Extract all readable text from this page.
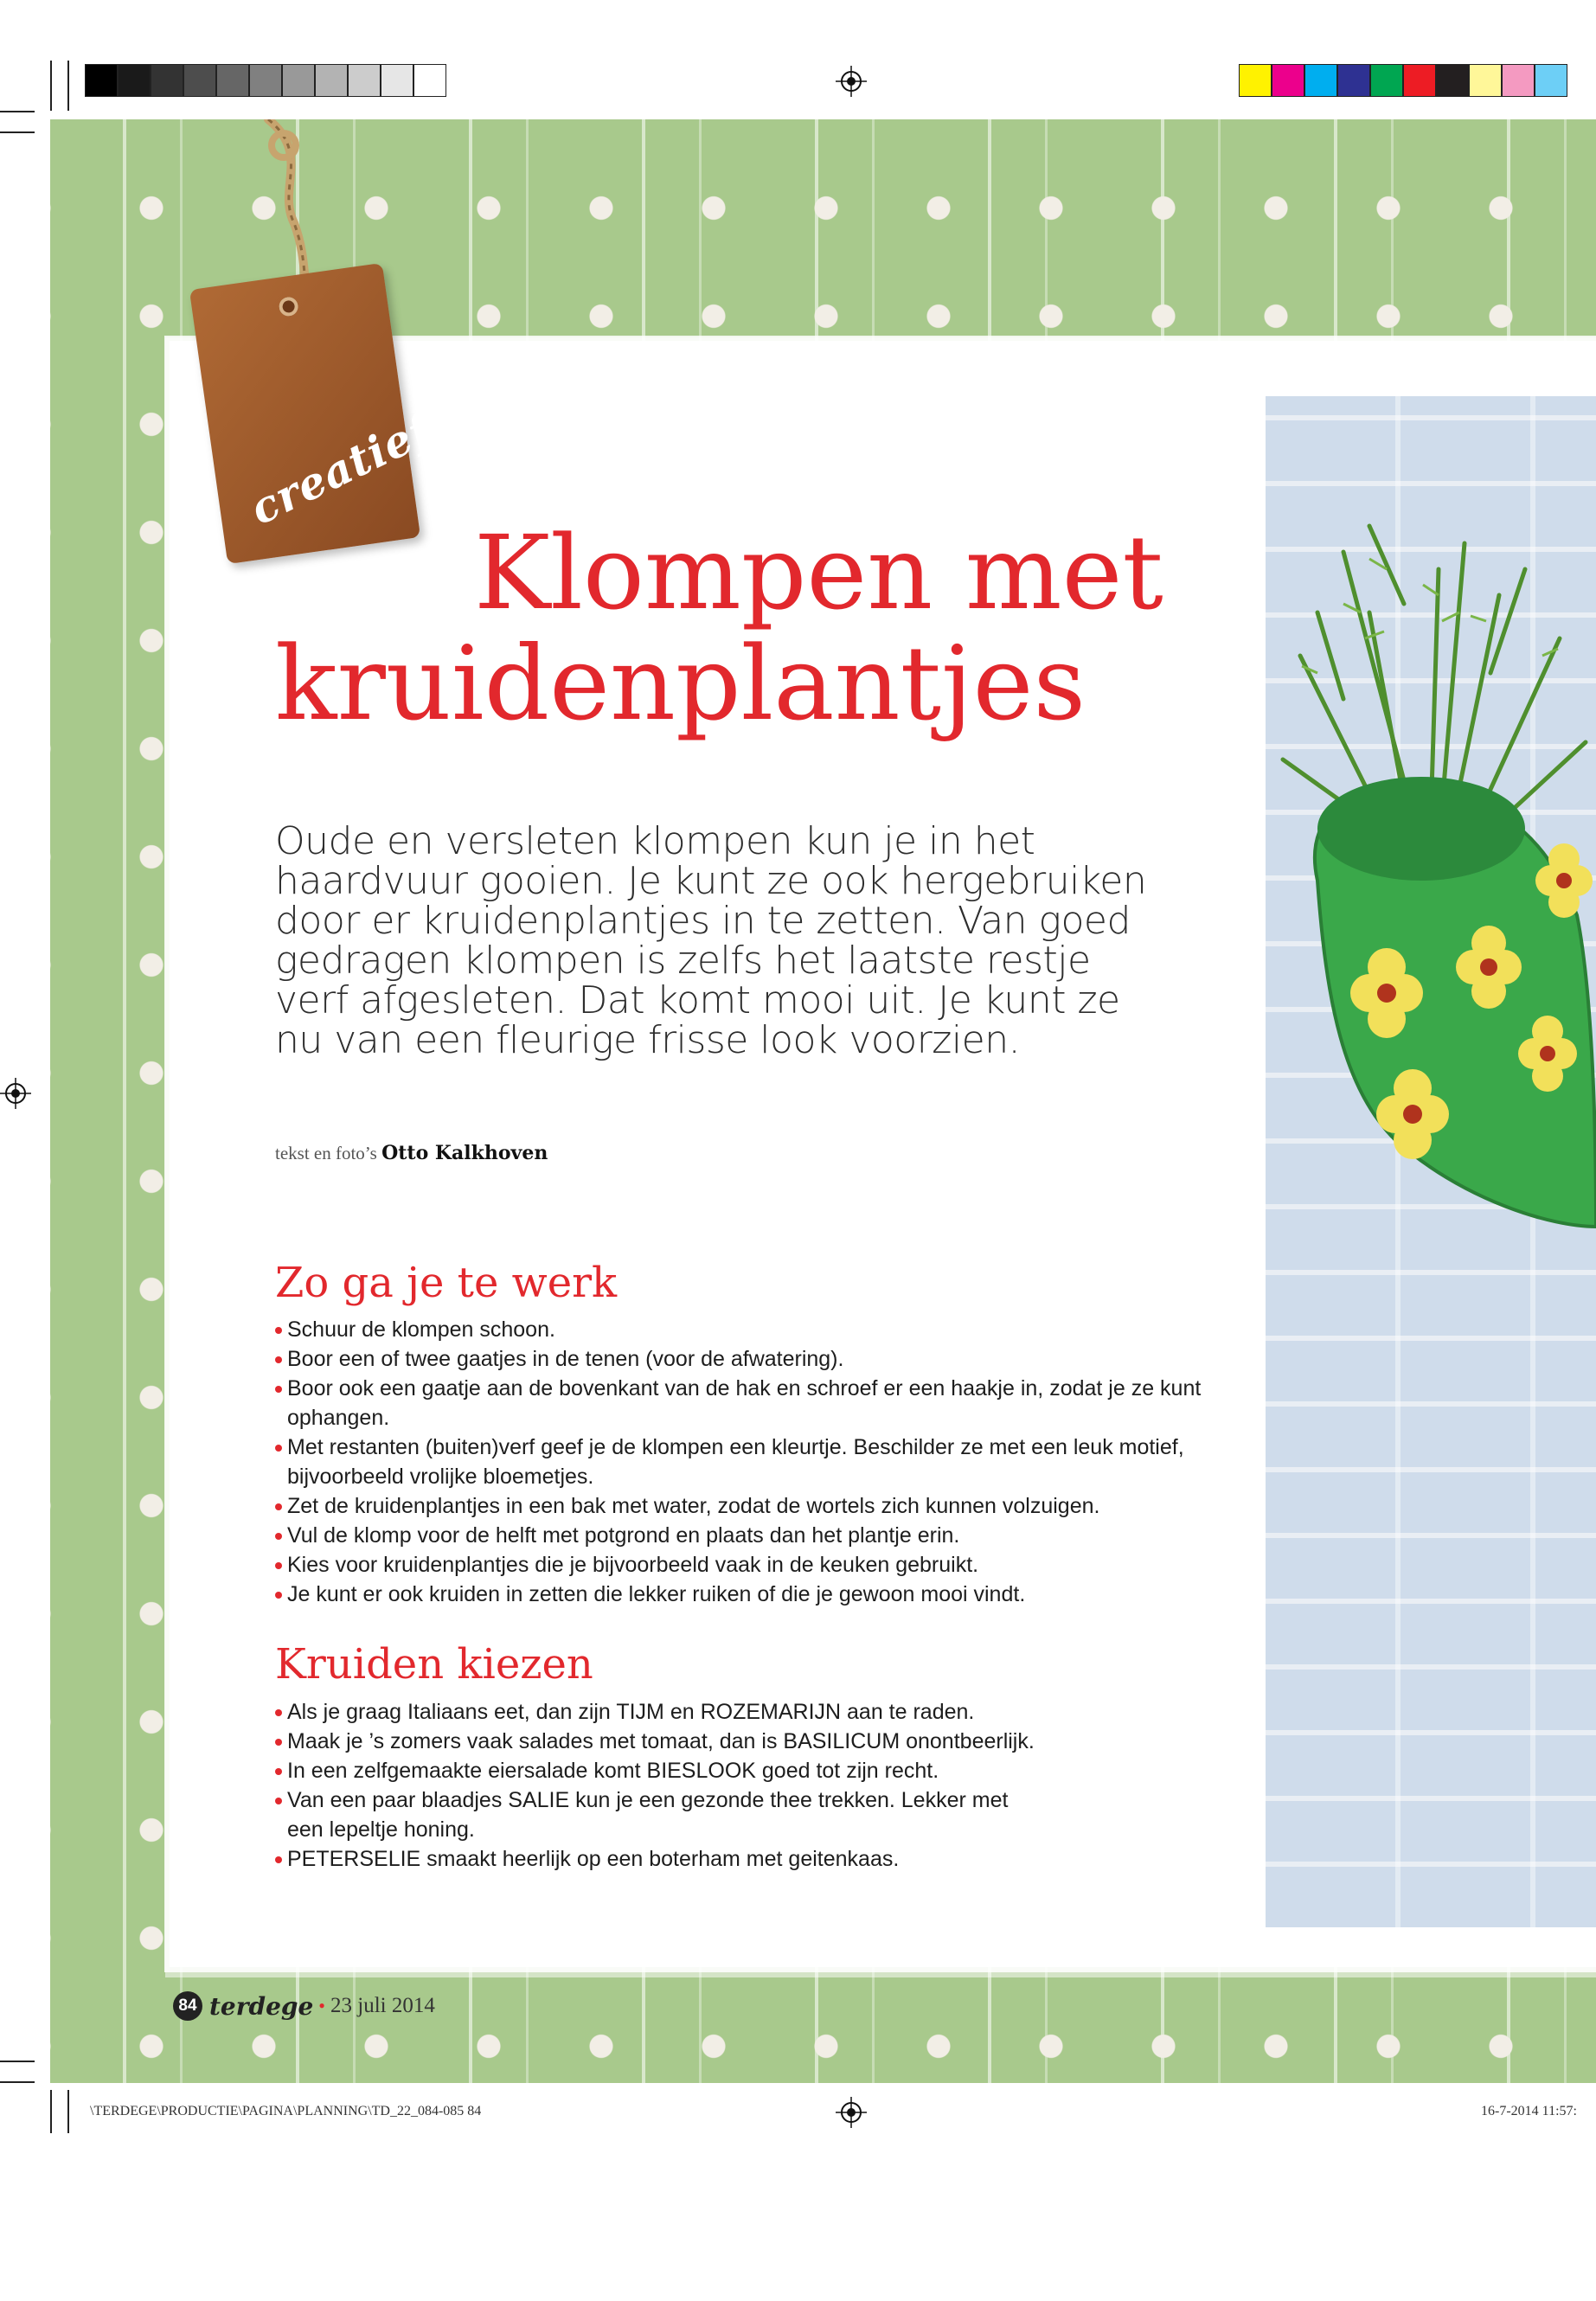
creatief
Klompen met
kruidenplantjes

Oude en versleten klompen kun je in het haardvuur gooien. Je kunt ze ook hergebruiken door er kruidenplantjes in te zetten. Van goed gedragen klompen is zelfs het laatste restje verf afgesleten. Dat komt mooi uit. Je kunt ze nu van een fleurige frisse look voorzien.

tekst en foto’s Otto Kalkhoven
Zo ga je te werk
Schuur de klompen schoon.
Boor een of twee gaatjes in de tenen (voor de afwatering).
Boor ook een gaatje aan de bovenkant van de hak en schroef er een haakje in, zodat je ze kunt ophangen.
Met restanten (buiten)verf geef je de klompen een kleurtje. Beschilder ze met een leuk motief, bijvoorbeeld vrolijke bloemetjes.
Zet de kruidenplantjes in een bak met water, zodat de wortels zich kunnen volzuigen.
Vul de klomp voor de helft met potgrond en plaats dan het plantje erin.
Kies voor kruidenplantjes die je bijvoorbeeld vaak in de keuken gebruikt.
Je kunt er ook kruiden in zetten die lekker ruiken of die je gewoon mooi vindt.
Kruiden kiezen
Als je graag Italiaans eet, dan zijn TIJM en ROZEMARIJN aan te raden.
Maak je ’s zomers vaak salades met tomaat, dan is BASILICUM onontbeerlijk.
In een zelfgemaakte eiersalade komt BIESLOOK goed tot zijn recht.
Van een paar blaadjes SALIE kun je een gezonde thee trekken. Lekker met een lepeltje honing.
PETERSELIE smaakt heerlijk op een boterham met geitenkaas.
84 terdege • 23 juli 2014
\TERDEGE\PRODUCTIE\PAGINA\PLANNING\TD_22_084-085 84	16-7-2014 11:57:
